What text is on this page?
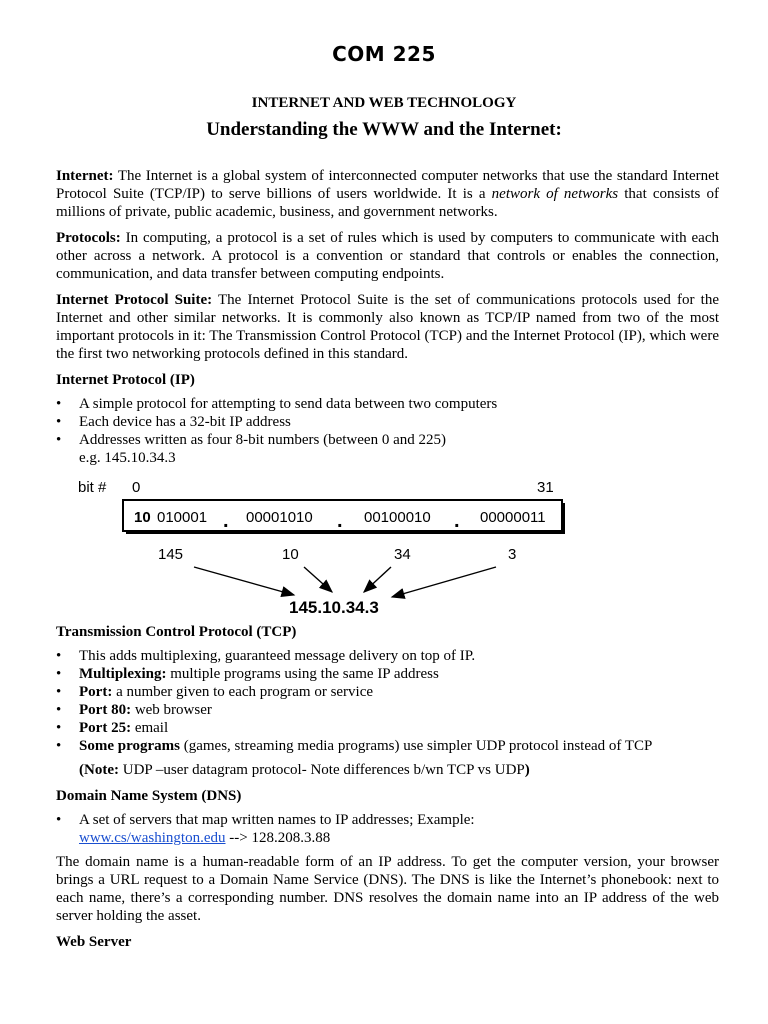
COM 225
INTERNET AND WEB TECHNOLOGY
Understanding the WWW and the Internet:

Internet: The Internet is a global system of interconnected computer networks that use the standard Internet Protocol Suite (TCP/IP) to serve billions of users worldwide. It is a network of networks that consists of millions of private, public academic, business, and government networks.

Protocols: In computing, a protocol is a set of rules which is used by computers to communicate with each other across a network. A protocol is a convention or standard that controls or enables the connection, communication, and data transfer between computing endpoints.

Internet Protocol Suite: The Internet Protocol Suite is the set of communications protocols used for the Internet and other similar networks. It is commonly also known as TCP/IP named from two of the most important protocols in it: The Transmission Control Protocol (TCP) and the Internet Protocol (IP), which were the first two networking protocols defined in this standard.

Internet Protocol (IP)
• A simple protocol for attempting to send data between two computers
• Each device has a 32-bit IP address
• Addresses written as four 8-bit numbers (between 0 and 225)
e.g. 145.10.34.3
bit # 0	31
10 010001 . 00001010 . 00100010 . 00000011
145	10	34	3
145.10.34.3
Transmission Control Protocol (TCP)
• This adds multiplexing, guaranteed message delivery on top of IP.
• Multiplexing: multiple programs using the same IP address
• Port: a number given to each program or service
• Port 80: web browser
• Port 25: email
• Some programs (games, streaming media programs) use simpler UDP protocol instead of TCP
(Note: UDP –user datagram protocol- Note differences b/wn TCP vs UDP)
Domain Name System (DNS)
• A set of servers that map written names to IP addresses; Example:
www.cs/washington.edu --> 128.208.3.88

The domain name is a human-readable form of an IP address. To get the computer version, your browser brings a URL request to a Domain Name Service (DNS). The DNS is like the Internet’s phonebook: next to each name, there’s a corresponding number. DNS resolves the domain name into an IP address of the web server holding the asset.

Web Server
